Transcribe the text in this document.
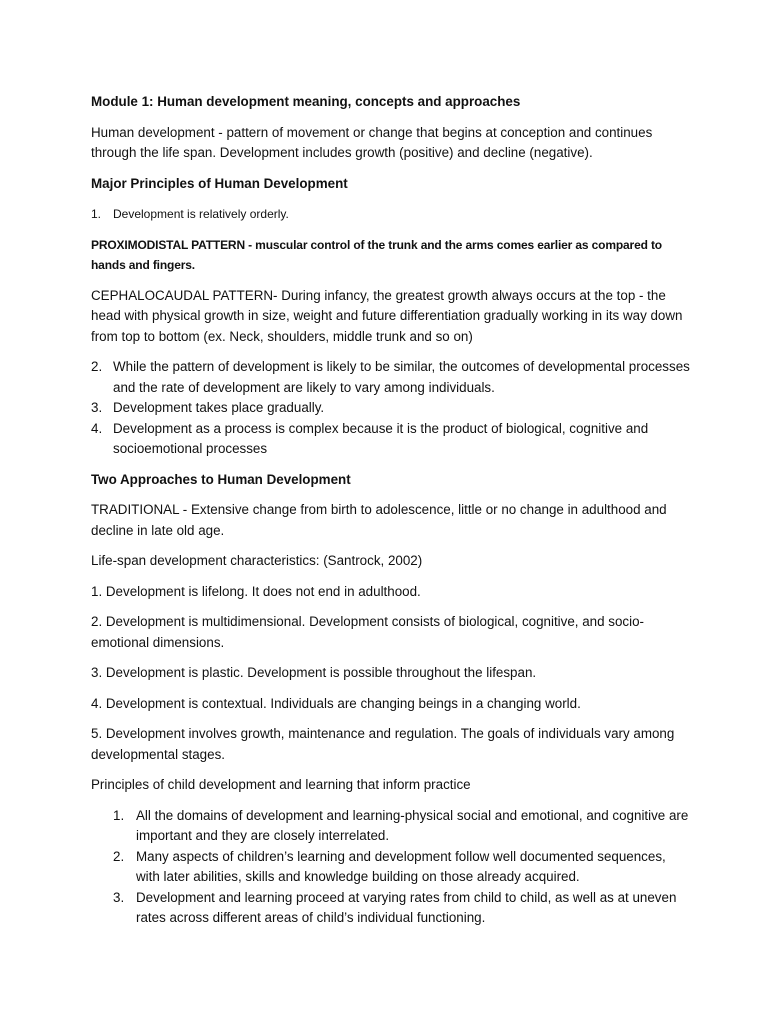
Module 1: Human development meaning, concepts and approaches

Human development - pattern of movement or change that begins at conception and continues through the life span. Development includes growth (positive) and decline (negative).

Major Principles of Human Development

1. Development is relatively orderly.

PROXIMODISTAL PATTERN - muscular control of the trunk and the arms comes earlier as compared to hands and fingers.

CEPHALOCAUDAL PATTERN- During infancy, the greatest growth always occurs at the top - the head with physical growth in size, weight and future differentiation gradually working in its way down from top to bottom (ex. Neck, shoulders, middle trunk and so on)

2. While the pattern of development is likely to be similar, the outcomes of developmental processes and the rate of development are likely to vary among individuals.
3. Development takes place gradually.
4. Development as a process is complex because it is the product of biological, cognitive and socioemotional processes

Two Approaches to Human Development

TRADITIONAL - Extensive change from birth to adolescence, little or no change in adulthood and decline in late old age.

Life-span development characteristics: (Santrock, 2002)

1. Development is lifelong. It does not end in adulthood.

2. Development is multidimensional. Development consists of biological, cognitive, and socio-emotional dimensions.

3. Development is plastic. Development is possible throughout the lifespan.

4. Development is contextual. Individuals are changing beings in a changing world.

5. Development involves growth, maintenance and regulation. The goals of individuals vary among developmental stages.

Principles of child development and learning that inform practice

1. All the domains of development and learning-physical social and emotional, and cognitive are important and they are closely interrelated.
2. Many aspects of children’s learning and development follow well documented sequences, with later abilities, skills and knowledge building on those already acquired.
3. Development and learning proceed at varying rates from child to child, as well as at uneven rates across different areas of child’s individual functioning.
